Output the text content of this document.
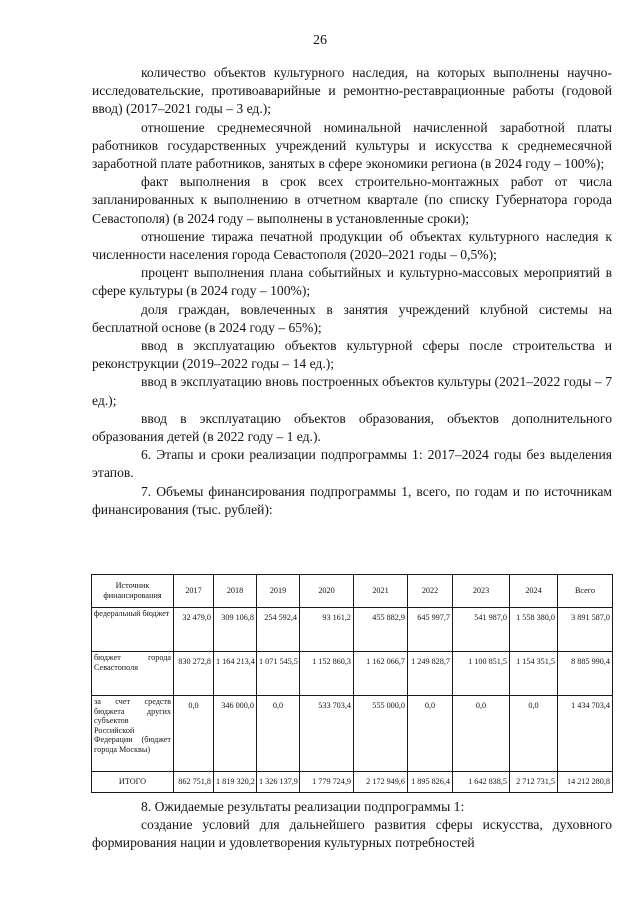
26

количество объектов культурного наследия, на которых выполнены научно-исследовательские, противоаварийные и ремонтно-реставрационные работы (годовой ввод) (2017–2021 годы – 3 ед.);

отношение среднемесячной номинальной начисленной заработной платы работников государственных учреждений культуры и искусства к среднемесячной заработной плате работников, занятых в сфере экономики региона (в 2024 году – 100%);

факт выполнения в срок всех строительно-монтажных работ от числа запланированных к выполнению в отчетном квартале (по списку Губернатора города Севастополя) (в 2024 году – выполнены в установленные сроки);

отношение тиража печатной продукции об объектах культурного наследия к численности населения города Севастополя (2020–2021 годы – 0,5%);

процент выполнения плана событийных и культурно-массовых мероприятий в сфере культуры (в 2024 году – 100%);

доля граждан, вовлеченных в занятия учреждений клубной системы на бесплатной основе (в 2024 году – 65%);

ввод в эксплуатацию объектов культурной сферы после строительства и реконструкции (2019–2022 годы – 14 ед.);

ввод в эксплуатацию вновь построенных объектов культуры (2021–2022 годы – 7 ед.);

ввод в эксплуатацию объектов образования, объектов дополнительного образования детей (в 2022 году – 1 ед.).

6. Этапы и сроки реализации подпрограммы 1: 2017–2024 годы без выделения этапов.

7. Объемы финансирования подпрограммы 1, всего, по годам и по источникам финансирования (тыс. рублей):

Источник финансирования	2017	2018	2019	2020	2021	2022	2023	2024	Всего
федеральный бюджет	32 479,0	309 106,8	254 592,4	93 161,2	455 882,9	645 997,7	541 987,0	1 558 380,0	3 891 587,0
бюджет города Севастополя	830 272,8	1 164 213,4	1 071 545,5	1 152 860,3	1 162 066,7	1 249 828,7	1 100 851,5	1 154 351,5	8 885 990,4
за счет средств бюджета других субъектов Российской Федерации (бюджет города Москвы)	0,0	346 000,0	0,0	533 703,4	555 000,0	0,0	0,0	0,0	1 434 703,4
ИТОГО	862 751,8	1 819 320,2	1 326 137,9	1 779 724,9	2 172 949,6	1 895 826,4	1 642 838,5	2 712 731,5	14 212 280,8

8. Ожидаемые результаты реализации подпрограммы 1:

создание условий для дальнейшего развития сферы искусства, духовного формирования нации и удовлетворения культурных потребностей
